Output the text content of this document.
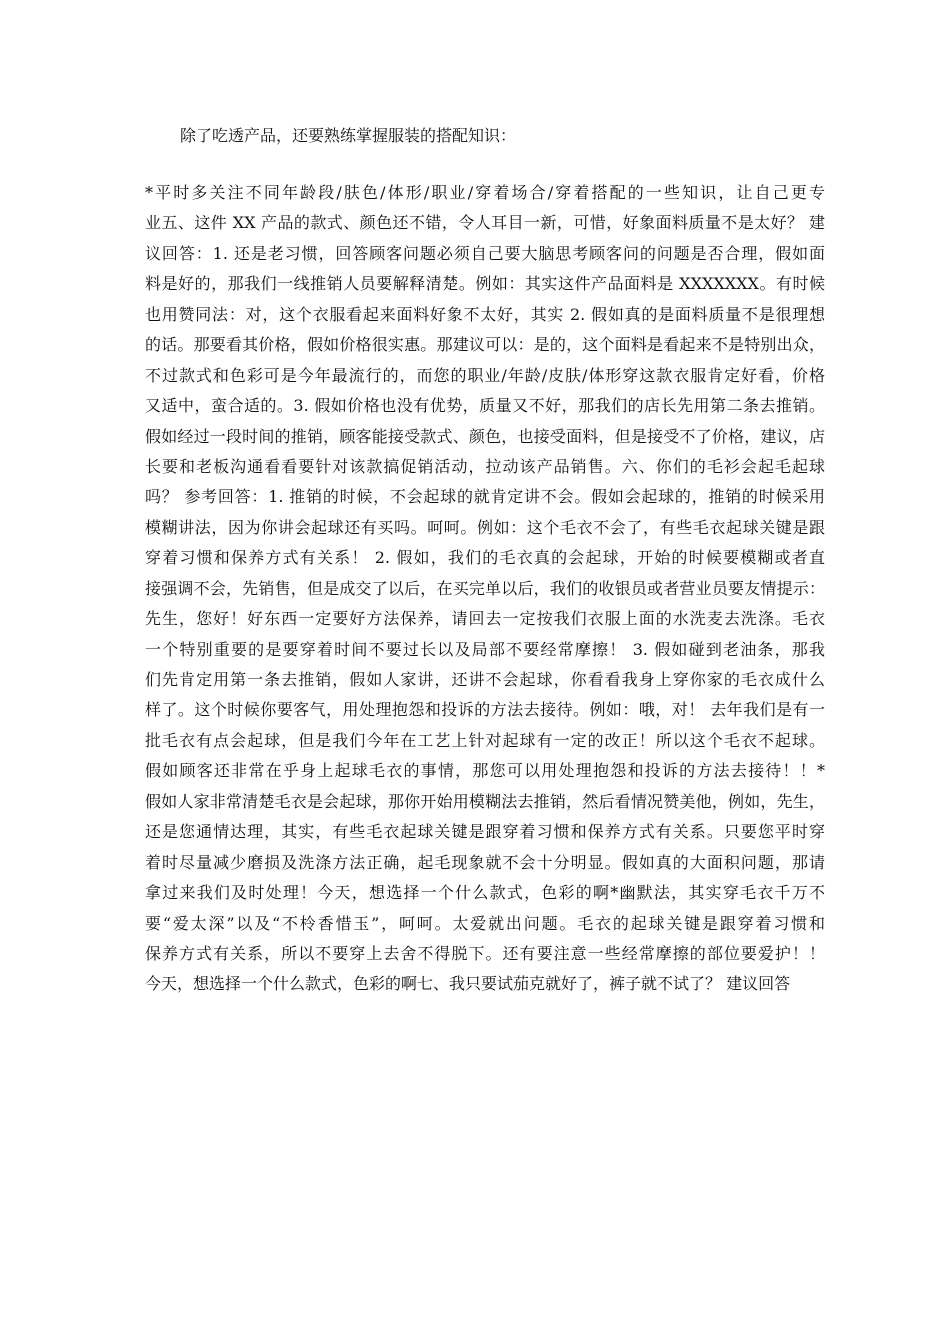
除了吃透产品，还要熟练掌握服装的搭配知识：
*平时多关注不同年龄段/肤色/体形/职业/穿着场合/穿着搭配的一些知识，让自己更专
业五、这件 XX 产品的款式、颜色还不错，令人耳目一新，可惜，好象面料质量不是太好？ 建
议回答：1. 还是老习惯，回答顾客问题必须自己要大脑思考顾客问的问题是否合理，假如面
料是好的，那我们一线推销人员要解释清楚。例如：其实这件产品面料是 XXXXXXX。有时候
也用赞同法：对，这个衣服看起来面料好象不太好，其实 2. 假如真的是面料质量不是很理想
的话。那要看其价格，假如价格很实惠。那建议可以：是的，这个面料是看起来不是特别出众，
不过款式和色彩可是今年最流行的，而您的职业/年龄/皮肤/体形穿这款衣服肯定好看，价格
又适中，蛮合适的。3. 假如价格也没有优势，质量又不好，那我们的店长先用第二条去推销。
假如经过一段时间的推销，顾客能接受款式、颜色，也接受面料，但是接受不了价格，建议，店
长要和老板沟通看看要针对该款搞促销活动，拉动该产品销售。六、你们的毛衫会起毛起球
吗？ 参考回答：1. 推销的时候，不会起球的就肯定讲不会。假如会起球的，推销的时候采用
模糊讲法，因为你讲会起球还有买吗。呵呵。例如：这个毛衣不会了，有些毛衣起球关键是跟
穿着习惯和保养方式有关系！ 2. 假如，我们的毛衣真的会起球，开始的时候要模糊或者直
接强调不会，先销售，但是成交了以后，在买完单以后，我们的收银员或者营业员要友情提示：
先生，您好！好东西一定要好方法保养，请回去一定按我们衣服上面的水洗麦去洗涤。毛衣
一个特别重要的是要穿着时间不要过长以及局部不要经常摩擦！ 3. 假如碰到老油条，那我
们先肯定用第一条去推销，假如人家讲，还讲不会起球，你看看我身上穿你家的毛衣成什么
样了。这个时候你要客气，用处理抱怨和投诉的方法去接待。例如：哦，对！ 去年我们是有一
批毛衣有点会起球，但是我们今年在工艺上针对起球有一定的改正！所以这个毛衣不起球。
假如顾客还非常在乎身上起球毛衣的事情，那您可以用处理抱怨和投诉的方法去接待！！*
假如人家非常清楚毛衣是会起球，那你开始用模糊法去推销，然后看情况赞美他，例如，先生，
还是您通情达理，其实，有些毛衣起球关键是跟穿着习惯和保养方式有关系。只要您平时穿
着时尽量减少磨损及洗涤方法正确，起毛现象就不会十分明显。假如真的大面积问题，那请
拿过来我们及时处理！今天，想选择一个什么款式，色彩的啊*幽默法，其实穿毛衣千万不
要“爱太深”以及“不柃香惜玉”，呵呵。太爱就出问题。毛衣的起球关键是跟穿着习惯和
保养方式有关系，所以不要穿上去舍不得脱下。还有要注意一些经常摩擦的部位要爱护！！
今天，想选择一个什么款式，色彩的啊七、我只要试茄克就好了，裤子就不试了？ 建议回答
